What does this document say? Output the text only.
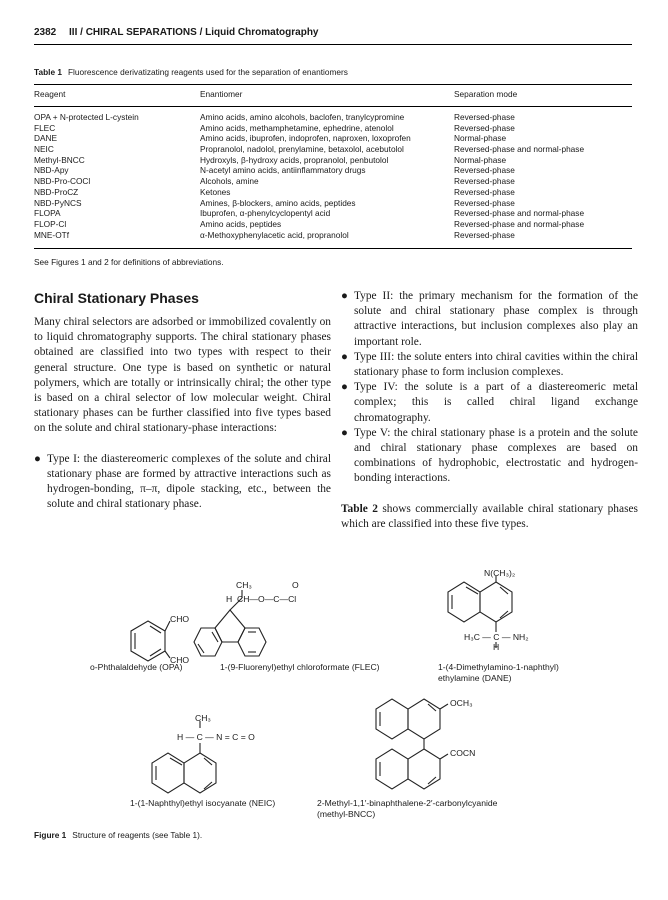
2382 III / CHIRAL SEPARATIONS / Liquid Chromatography
Table 1 Fluorescence derivatizating reagents used for the separation of enantiomers
Reagent	Enantiomer	Separation mode
OPA + N-protected L-cystein	Amino acids, amino alcohols, baclofen, tranylcypromine	Reversed-phase
FLEC	Amino acids, methamphetamine, ephedrine, atenolol	Reversed-phase
DANE	Amino acids, ibuprofen, indoprofen, naproxen, loxoprofen	Normal-phase
NEIC	Propranolol, nadolol, prenylamine, betaxolol, acebutolol	Reversed-phase and normal-phase
Methyl-BNCC	Hydroxyls, β-hydroxy acids, propranolol, penbutolol	Normal-phase
NBD-Apy	N-acetyl amino acids, antiinflammatory drugs	Reversed-phase
NBD-Pro-COCl	Alcohols, amine	Reversed-phase
NBD-ProCZ	Ketones	Reversed-phase
NBD-PyNCS	Amines, β-blockers, amino acids, peptides	Reversed-phase
FLOPA	Ibuprofen, α-phenylcyclopentyl acid	Reversed-phase and normal-phase
FLOP-Cl	Amino acids, peptides	Reversed-phase and normal-phase
MNE-OTf	α-Methoxyphenylacetic acid, propranolol	Reversed-phase
See Figures 1 and 2 for definitions of abbreviations.
Chiral Stationary Phases

Many chiral selectors are adsorbed or immobilized covalently on to liquid chromatography supports. The chiral stationary phases obtained are classified into two types with respect to their general structure. One type is based on synthetic or natural polymers, which are totally or intrinsically chiral; the other type is based on a chiral selector of low molecular weight. Chiral stationary phases can be further classified into five types based on the solute and chiral stationary-phase interactions:

● Type I: the diastereomeric complexes of the solute and chiral stationary phase are formed by attractive interactions such as hydrogen-bonding, π–π, dipole stacking, etc., between the solute and chiral stationary phase.
● Type II: the primary mechanism for the formation of the solute and chiral stationary phase complex is through attractive interactions, but inclusion complexes also play an important role.
● Type III: the solute enters into chiral cavities within the chiral stationary phase to form inclusion complexes.
● Type IV: the solute is a part of a diastereomeric metal complex; this is called chiral ligand exchange chromatography.
● Type V: the chiral stationary phase is a protein and the solute and chiral stationary phase complexes are based on combinations of hydrophobic, electrostatic and hydrogen-bonding interactions.

Table 2 shows commercially available chiral stationary phases which are classified into these five types.

CHO
CHO
CH₃	O
H CH—O—C—Cl
N(CH₃)₂
H₃C — C — NH₂
H
CH₃
H — C — N = C = O
OCH₃
COCN
o-Phthalaldehyde (OPA)	1-(9-Fluorenyl)ethyl chloroformate (FLEC)	1-(4-Dimethylamino-1-naphthyl)
ethylamine (DANE)
1-(1-Naphthyl)ethyl isocyanate (NEIC)	2-Methyl-1,1′-binaphthalene-2′-carbonylcyanide
(methyl-BNCC)
Figure 1 Structure of reagents (see Table 1).
